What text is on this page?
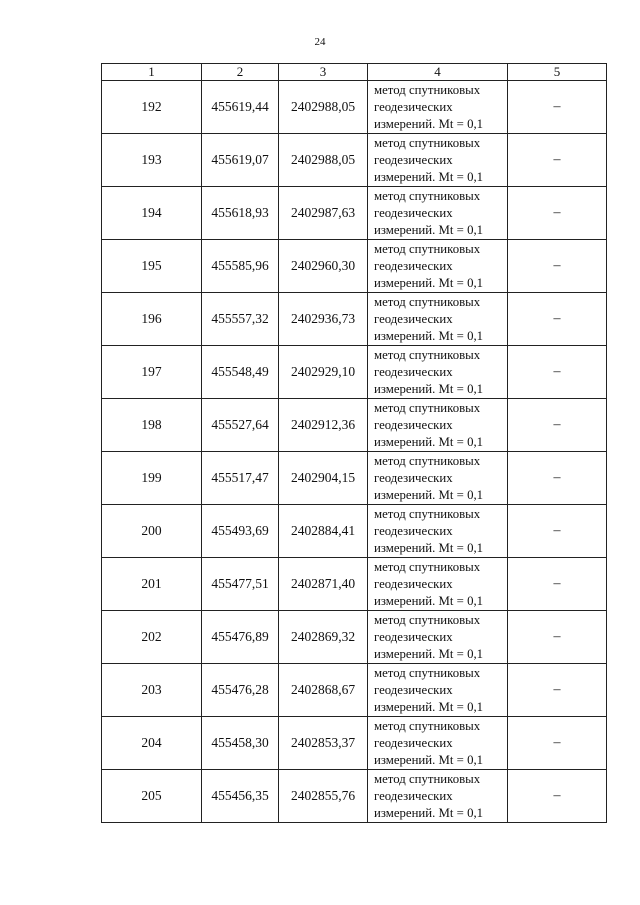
24
1	2	3	4	5
192	455619,44	2402988,05	метод спутниковых
геодезических
измерений. Mt = 0,1	–
193	455619,07	2402988,05	метод спутниковых
геодезических
измерений. Mt = 0,1	–
194	455618,93	2402987,63	метод спутниковых
геодезических
измерений. Mt = 0,1	–
195	455585,96	2402960,30	метод спутниковых
геодезических
измерений. Mt = 0,1	–
196	455557,32	2402936,73	метод спутниковых
геодезических
измерений. Mt = 0,1	–
197	455548,49	2402929,10	метод спутниковых
геодезических
измерений. Mt = 0,1	–
198	455527,64	2402912,36	метод спутниковых
геодезических
измерений. Mt = 0,1	–
199	455517,47	2402904,15	метод спутниковых
геодезических
измерений. Mt = 0,1	–
200	455493,69	2402884,41	метод спутниковых
геодезических
измерений. Mt = 0,1	–
201	455477,51	2402871,40	метод спутниковых
геодезических
измерений. Mt = 0,1	–
202	455476,89	2402869,32	метод спутниковых
геодезических
измерений. Mt = 0,1	–
203	455476,28	2402868,67	метод спутниковых
геодезических
измерений. Mt = 0,1	–
204	455458,30	2402853,37	метод спутниковых
геодезических
измерений. Mt = 0,1	–
205	455456,35	2402855,76	метод спутниковых
геодезических
измерений. Mt = 0,1	–
